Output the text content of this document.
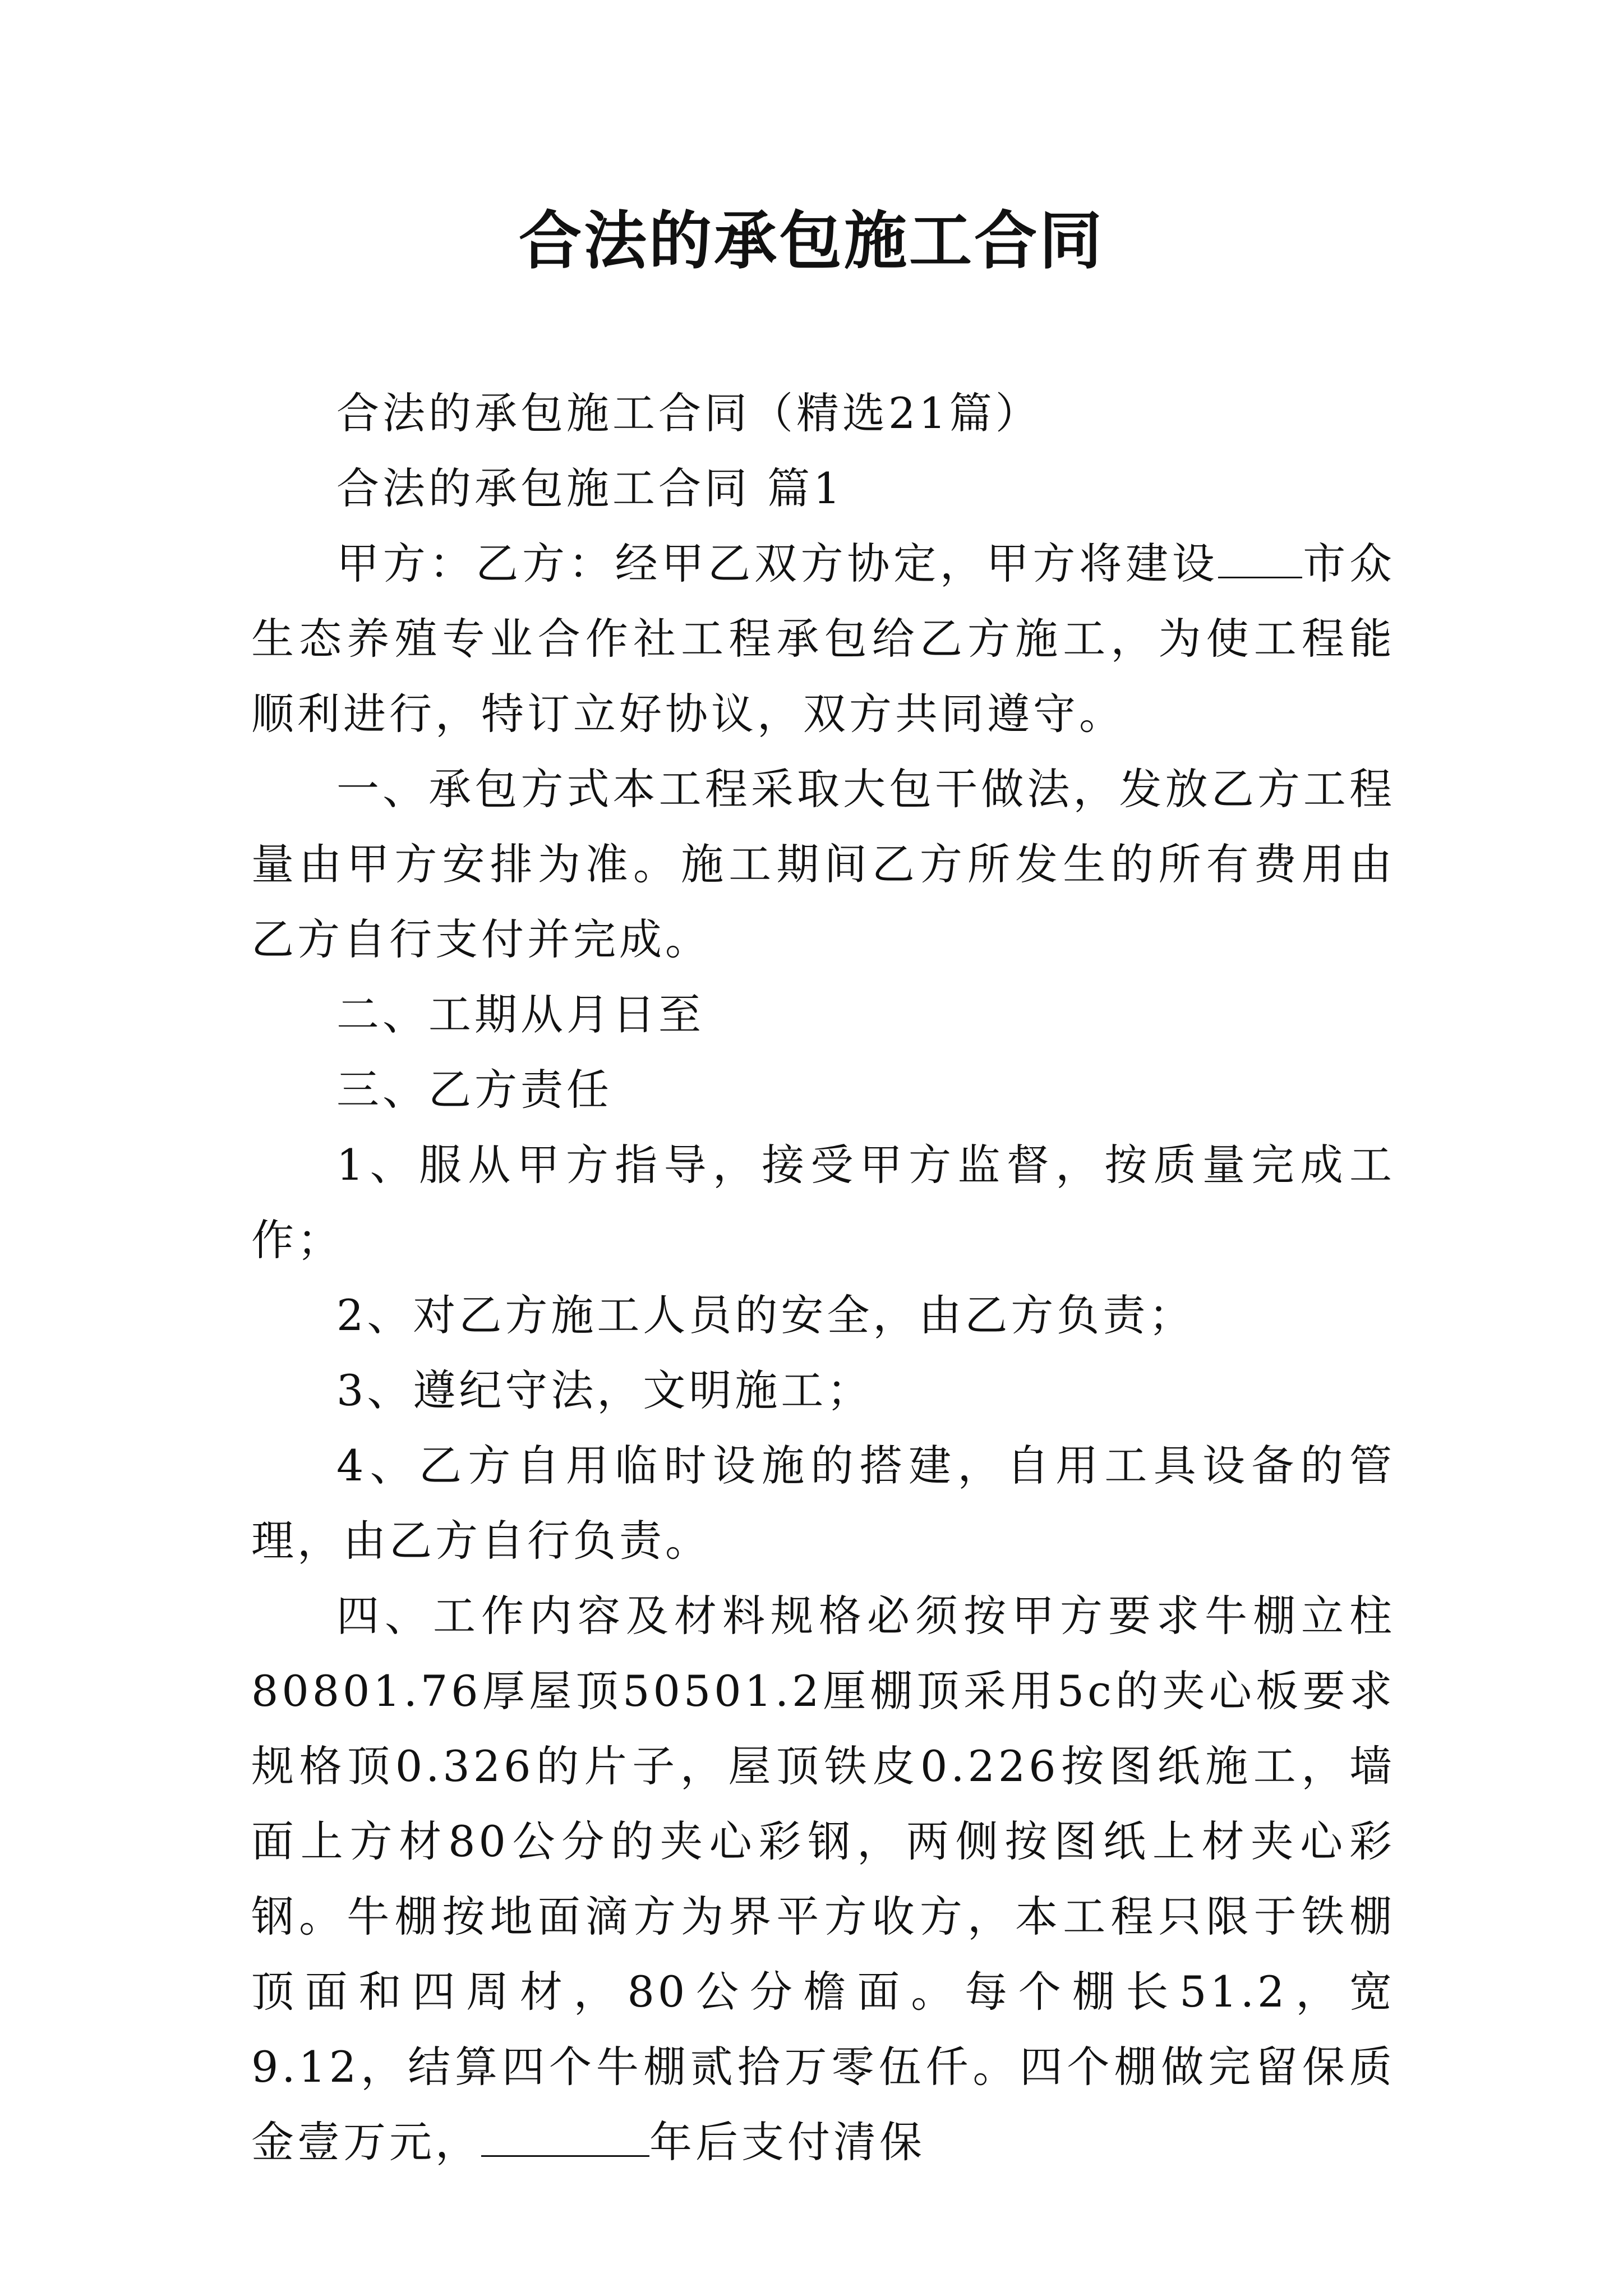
合法的承包施工合同

合法的承包施工合同（精选21篇）

合法的承包施工合同 篇1

甲方：乙方：经甲乙双方协定，甲方将建设 市众生态养殖专业合作社工程承包给乙方施工，为使工程能顺利进行，特订立好协议，双方共同遵守。

一、承包方式本工程采取大包干做法，发放乙方工程量由甲方安排为准。施工期间乙方所发生的所有费用由乙方自行支付并完成。

二、工期从月日至

三、乙方责任

1、服从甲方指导，接受甲方监督，按质量完成工作；

2、对乙方施工人员的安全，由乙方负责；

3、遵纪守法，文明施工；

4、乙方自用临时设施的搭建，自用工具设备的管理，由乙方自行负责。

四、工作内容及材料规格必须按甲方要求牛棚立柱80801.76厚屋顶50501.2厘棚顶采用5c的夹心板要求规格顶0.326的片子，屋顶铁皮0.226按图纸施工，墙面上方材80公分的夹心彩钢，两侧按图纸上材夹心彩钢。牛棚按地面滴方为界平方收方，本工程只限于铁棚顶面和四周材，80公分檐面。每个棚长51.2，宽9.12，结算四个牛棚贰拾万零伍仟。四个棚做完留保质金壹万元，	年后支付清保
